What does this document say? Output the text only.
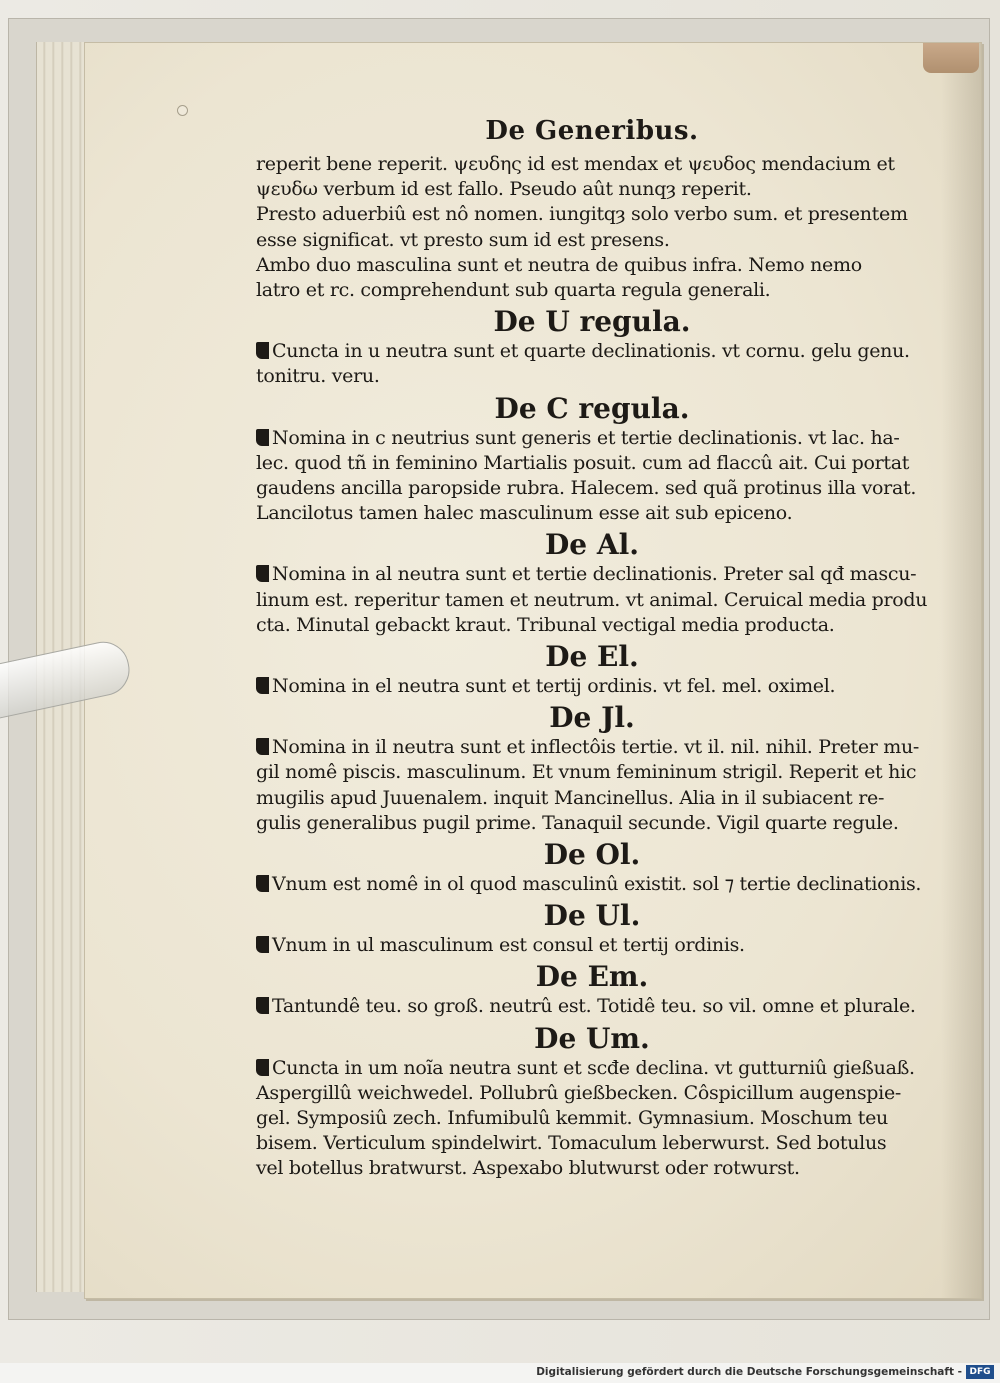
De Generibus.
reperit bene reperit. ψευδης id est mendax et ψευδος mendacium et
ψευδω verbum id est fallo. Pseudo aût nunqȝ reperit.
Presto aduerbiû est nô nomen. iungitqȝ solo verbo sum. et presentem
esse significat. vt presto sum id est presens.
Ambo duo masculina sunt et neutra de quibus infra. Nemo nemo
latro et rc. comprehendunt sub quarta regula generali.
De U regula.
Cuncta in u neutra sunt et quarte declinationis. vt cornu. gelu genu.
tonitru. veru.
De C regula.
Nomina in c neutrius sunt generis et tertie declinationis. vt lac. ha-
lec. quod tñ in feminino Martialis posuit. cum ad flaccû ait. Cui portat
gaudens ancilla paropside rubra. Halecem. sed quã protinus illa vorat.
Lancilotus tamen halec masculinum esse ait sub epiceno.
De Al.
Nomina in al neutra sunt et tertie declinationis. Preter sal qđ mascu-
linum est. reperitur tamen et neutrum. vt animal. Ceruical media produ
cta. Minutal gebackt kraut. Tribunal vectigal media producta.
De El.
Nomina in el neutra sunt et tertij ordinis. vt fel. mel. oximel.
De Jl.
Nomina in il neutra sunt et inflectôis tertie. vt il. nil. nihil. Preter mu-
gil nomê piscis. masculinum. Et vnum femininum strigil. Reperit et hic
mugilis apud Juuenalem. inquit Mancinellus. Alia in il subiacent re-
gulis generalibus pugil prime. Tanaquil secunde. Vigil quarte regule.
De Ol.
Vnum est nomê in ol quod masculinû existit. sol ⁊ tertie declinationis.
De Ul.
Vnum in ul masculinum est consul et tertij ordinis.
De Em.
Tantundê teu. so groß. neutrû est. Totidê teu. so vil. omne et plurale.
De Um.
Cuncta in um noĩa neutra sunt et scđe declina. vt gutturniû gießuaß.
Aspergillû weichwedel. Pollubrû gießbecken. Côspicillum augenspie-
gel. Symposiû zech. Infumibulû kemmit. Gymnasium. Moschum teu
bisem. Verticulum spindelwirt. Tomaculum leberwurst. Sed botulus
vel botellus bratwurst. Aspexabo blutwurst oder rotwurst.
Digitalisierung gefördert durch die Deutsche Forschungsgemeinschaft - DFG
